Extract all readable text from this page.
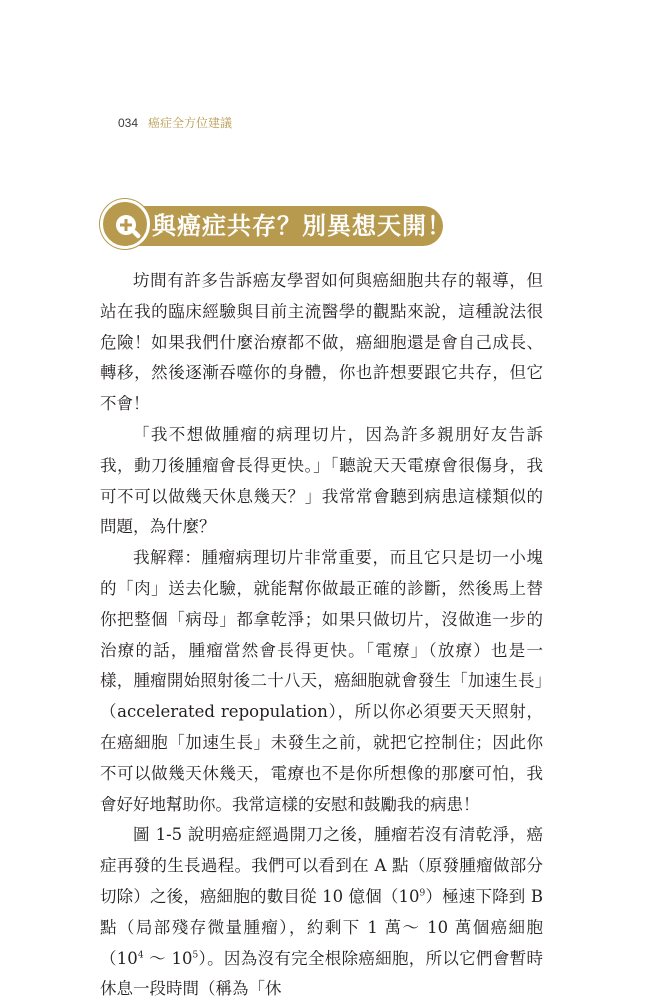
034 癌症全方位建議
與癌症共存？別異想天開！

坊間有許多告訴癌友學習如何與癌細胞共存的報導，但站在我的臨床經驗與目前主流醫學的觀點來說，這種說法很危險！如果我們什麼治療都不做，癌細胞還是會自己成長、轉移，然後逐漸吞噬你的身體，你也許想要跟它共存，但它不會！

「我不想做腫瘤的病理切片，因為許多親朋好友告訴我，動刀後腫瘤會長得更快。」「聽說天天電療會很傷身，我可不可以做幾天休息幾天？」我常常會聽到病患這樣類似的問題，為什麼？

我解釋：腫瘤病理切片非常重要，而且它只是切一小塊的「肉」送去化驗，就能幫你做最正確的診斷，然後馬上替你把整個「病母」都拿乾淨；如果只做切片，沒做進一步的治療的話，腫瘤當然會長得更快。「電療」（放療）也是一樣，腫瘤開始照射後二十八天，癌細胞就會發生「加速生長」（accelerated repopulation），所以你必須要天天照射，在癌細胞「加速生長」未發生之前，就把它控制住；因此你不可以做幾天休幾天，電療也不是你所想像的那麼可怕，我會好好地幫助你。我常這樣的安慰和鼓勵我的病患！

圖 1-5 說明癌症經過開刀之後，腫瘤若沒有清乾淨，癌症再發的生長過程。我們可以看到在 A 點（原發腫瘤做部分切除）之後，癌細胞的數目從 10 億個$(10^9)$極速下降到 B 點（局部殘存微量腫瘤），約剩下 1 萬～ 10 萬個癌細胞（$10^4$ ～ $10^5$）。因為沒有完全根除癌細胞，所以它們會暫時休息一段時間（稱為「休
